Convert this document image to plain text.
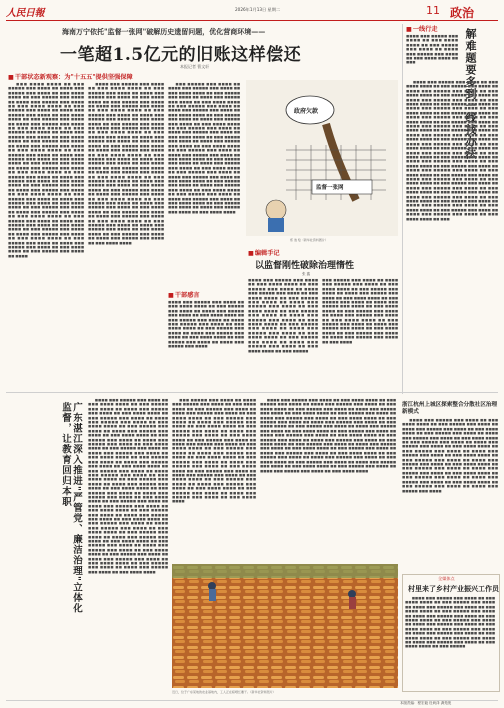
人民日報	2026年1月13日 星期二	11 政治
海南万宁依托"监督一张网"破解历史遗留问题，优化营商环境——
一笔超1.5亿元的旧账这样偿还
本报记者 曹文轩
■ 干部状态新观察：为"十五五"提供坚强保障
　　■■■ ■■■■ ■■■■ ■■ ■■■ ■■■■■ ■■■ ■■■■ ■■ ■■■■ ■■■ ■■■■■ ■■■ ■■■■ ■■ ■■■ ■■■■ ■■■■ ■■ ■■■ ■■■■■ ■■■ ■■■■ ■■ ■■■■ ■■■ ■■■■■ ■■■ ■■■■ ■■ ■■■ ■■■■ ■■■■ ■■ ■■■ ■■■■■ ■■■ ■■■■ ■■ ■■■■ ■■■ ■■■■■ ■■■ ■■■■ ■■ ■■■ ■■■■ ■■■■ ■■ ■■■ ■■■■■ ■■■ ■■■■ ■■ ■■■■ ■■■ ■■■■■ ■■■ ■■■■ ■■ ■■■ ■■■■ ■■■■ ■■ ■■■ ■■■■■ ■■■ ■■■■ ■■ ■■■■ ■■■ ■■■■■ ■■■ ■■■■ ■■ ■■■ ■■■■ ■■■■ ■■ ■■■ ■■■■■ ■■■ ■■■■ ■■ ■■■■ ■■■ ■■■■■ ■■■ ■■■■ ■■ ■■■ ■■■■ ■■■■ ■■ ■■■ ■■■■■ ■■■ ■■■■ ■■ ■■■■ ■■■ ■■■■■ ■■■ ■■■■ ■■ ■■■ ■■■■ ■■■■ ■■ ■■■ ■■■■■ ■■■ ■■■■ ■■ ■■■■ ■■■ ■■■■■ ■■■ ■■■■ ■■ ■■■ ■■■■ ■■■■ ■■ ■■■ ■■■■■ ■■■ ■■■■ ■■ ■■■■ ■■■ ■■■■■ ■■■ ■■■■ ■■ ■■■ ■■■■ ■■■■ ■■ ■■■ ■■■■■ ■■■ ■■■■ ■■ ■■■■ ■■■ ■■■■■ ■■■ ■■■■ ■■ ■■■ ■■■■ ■■■■ ■■ ■■■ ■■■■■ ■■■ ■■■■ ■■ ■■■■ ■■■ ■■■■■ ■■■ ■■■■ ■■ ■■■ ■■■■ ■■■■ ■■ ■■■ ■■■■■ ■■■ ■■■■ ■■ ■■■■ ■■■ ■■■■■ ■■■ ■■■■ ■■ ■■■ ■■■■ ■■■■ ■■ ■■■ ■■■■■ ■■■ ■■■■ ■■ ■■■■ ■■■ ■■■■■ ■■■ ■■■■ ■■ ■■■ ■■■■ ■■■■ ■■ ■■■ ■■■■■ ■■■ ■■■■ ■■ ■■■■ ■■■ ■■■■■ ■■■ ■■■■ ■■ ■■■ ■■■■ ■■■■ ■■ ■■■ ■■■■■ ■■■ ■■■■ ■■ ■■■■ ■■■ ■■■■■ ■■■ ■■■■ ■■ ■■■ ■■■■ ■■■■ ■■ ■■■ ■■■■■ ■■■ ■■■■ ■■ ■■■■
　　■■■■ ■■■ ■■■■■ ■■■ ■■■■ ■■ ■■■ ■■■■ ■■■■ ■■ ■■■ ■■■■■ ■■■ ■■■■ ■■ ■■■■ ■■■ ■■■■■ ■■■ ■■■■ ■■ ■■■ ■■■■ ■■■■ ■■ ■■■ ■■■■■ ■■■ ■■■■ ■■ ■■■■ ■■■ ■■■■■ ■■■ ■■■■ ■■ ■■■ ■■■■ ■■■■ ■■ ■■■ ■■■■■ ■■■ ■■■■ ■■ ■■■■ ■■■ ■■■■■ ■■■ ■■■■ ■■ ■■■ ■■■■ ■■■■ ■■ ■■■ ■■■■■ ■■■ ■■■■ ■■ ■■■■ ■■■ ■■■■■ ■■■ ■■■■ ■■ ■■■ ■■■■ ■■■■ ■■ ■■■ ■■■■■ ■■■ ■■■■ ■■ ■■■■ ■■■ ■■■■■ ■■■ ■■■■ ■■ ■■■ ■■■■ ■■■■ ■■ ■■■ ■■■■■ ■■■ ■■■■ ■■ ■■■■ ■■■ ■■■■■ ■■■ ■■■■ ■■ ■■■ ■■■■ ■■■■ ■■ ■■■ ■■■■■ ■■■ ■■■■ ■■ ■■■■ ■■■ ■■■■■ ■■■ ■■■■ ■■ ■■■ ■■■■ ■■■■ ■■ ■■■ ■■■■■ ■■■ ■■■■ ■■ ■■■■ ■■■ ■■■■■ ■■■ ■■■■ ■■ ■■■ ■■■■ ■■■■ ■■ ■■■ ■■■■■ ■■■ ■■■■ ■■ ■■■■ ■■■ ■■■■■ ■■■ ■■■■ ■■ ■■■ ■■■■ ■■■■ ■■ ■■■ ■■■■■ ■■■ ■■■■ ■■ ■■■■ ■■■ ■■■■■ ■■■ ■■■■ ■■ ■■■ ■■■■ ■■■■ ■■ ■■■ ■■■■■ ■■■ ■■■■ ■■ ■■■■ ■■■ ■■■■■ ■■■ ■■■■ ■■ ■■■ ■■■■ ■■■■ ■■ ■■■ ■■■■■ ■■■ ■■■■ ■■ ■■■■ ■■■ ■■■■■ ■■■ ■■■■ ■■ ■■■ ■■■■ ■■■■ ■■ ■■■ ■■■■■ ■■■ ■■■■ ■■ ■■■■ ■■■ ■■■■■ ■■■ ■■■■ ■■ ■■■ ■■■■ ■■■■ ■■ ■■■ ■■■■■ ■■■ ■■■■ ■■ ■■■■ ■■■ ■■■■■ ■■■ ■■■■ ■■ ■■■ ■■■■ ■■■■
　　■■■ ■■■■■ ■■■ ■■■■ ■■ ■■■■ ■■■ ■■■■■ ■■■ ■■■■ ■■ ■■■ ■■■■ ■■■■ ■■ ■■■ ■■■■■ ■■■ ■■■■ ■■ ■■■■ ■■■ ■■■■■ ■■■ ■■■■ ■■ ■■■ ■■■■ ■■■■ ■■ ■■■ ■■■■■ ■■■ ■■■■ ■■ ■■■■ ■■■ ■■■■■ ■■■ ■■■■ ■■ ■■■ ■■■■ ■■■■ ■■ ■■■ ■■■■■ ■■■ ■■■■ ■■ ■■■■ ■■■ ■■■■■ ■■■ ■■■■ ■■ ■■■ ■■■■ ■■■■ ■■ ■■■ ■■■■■ ■■■ ■■■■ ■■ ■■■■ ■■■ ■■■■■ ■■■ ■■■■ ■■ ■■■ ■■■■ ■■■■ ■■ ■■■ ■■■■■ ■■■ ■■■■ ■■ ■■■■ ■■■ ■■■■■ ■■■ ■■■■ ■■ ■■■ ■■■■ ■■■■ ■■ ■■■ ■■■■■ ■■■ ■■■■ ■■ ■■■■ ■■■ ■■■■■ ■■■ ■■■■ ■■ ■■■ ■■■■ ■■■■ ■■ ■■■ ■■■■■ ■■■ ■■■■ ■■ ■■■■ ■■■ ■■■■■ ■■■ ■■■■ ■■ ■■■ ■■■■ ■■■■ ■■ ■■■ ■■■■■ ■■■ ■■■■ ■■ ■■■■ ■■■ ■■■■■ ■■■ ■■■■ ■■ ■■■ ■■■■ ■■■■ ■■ ■■■ ■■■■■ ■■■ ■■■■ ■■ ■■■■ ■■■ ■■■■■ ■■■ ■■■■ ■■ ■■■ ■■■■ ■■■■ ■■ ■■■ ■■■■■ ■■■ ■■■■ ■■ ■■■■ ■■■ ■■■■■ ■■■ ■■■■ ■■ ■■■ ■■■■ ■■■■ ■■ ■■■ ■■■■■ ■■■ ■■■■ ■■ ■■■■ ■■■ ■■■■■ ■■■ ■■■■ ■■ ■■■ ■■■■ ■■■■
政府欠款
监督一张网
郑 逸 绘（新华社资料图片）
■ 编辑手记
以监督刚性破除治理惰性
张 鑫
■■■■ ■■■ ■■■■■ ■■■ ■■■■ ■■ ■■■ ■■■■ ■■■■ ■■ ■■■ ■■■■■ ■■■ ■■■■ ■■ ■■■■ ■■■ ■■■■■ ■■■ ■■■■ ■■ ■■■ ■■■■ ■■■■ ■■ ■■■ ■■■■■ ■■■ ■■■■ ■■ ■■■■ ■■■ ■■■■■ ■■■ ■■■■ ■■ ■■■ ■■■■ ■■■■ ■■ ■■■ ■■■■■ ■■■ ■■■■ ■■ ■■■■ ■■■ ■■■■■ ■■■ ■■■■ ■■ ■■■ ■■■■ ■■■■ ■■ ■■■ ■■■■■ ■■■ ■■■■ ■■ ■■■■ ■■■ ■■■■■ ■■■ ■■■■ ■■ ■■■ ■■■■ ■■■■ ■■ ■■■ ■■■■■ ■■■ ■■■■ ■■ ■■■■ ■■■ ■■■■■ ■■■ ■■■■ ■■ ■■■ ■■■■ ■■■■ ■■ ■■■ ■■■■■
■■■ ■■■■■ ■■■ ■■■■ ■■ ■■■■ ■■■ ■■■■■ ■■■ ■■■■ ■■ ■■■ ■■■■ ■■■■ ■■ ■■■ ■■■■■ ■■■ ■■■■ ■■ ■■■■ ■■■ ■■■■■ ■■■ ■■■■ ■■ ■■■ ■■■■ ■■■■ ■■ ■■■ ■■■■■ ■■■ ■■■■ ■■ ■■■■ ■■■ ■■■■■ ■■■ ■■■■ ■■ ■■■ ■■■■ ■■■■ ■■ ■■■ ■■■■■ ■■■ ■■■■ ■■ ■■■■ ■■■ ■■■■■ ■■■ ■■■■ ■■ ■■■ ■■■■ ■■■■ ■■ ■■■ ■■■■■ ■■■ ■■■■ ■■ ■■■■ ■■■ ■■■■■ ■■■ ■■■■ ■■ ■■■ ■■■■ ■■■■ ■■ ■■■ ■■■■■ ■■■ ■■■■ ■■ ■■■■ ■■■ ■■■■■ ■■■ ■■■■ ■■ ■■■ ■■■■
■ 干部感言
■■■■ ■■■ ■■■■■ ■■■ ■■■■ ■■ ■■■ ■■■■ ■■■■ ■■ ■■■ ■■■■■ ■■■ ■■■■ ■■ ■■■■ ■■■ ■■■■■ ■■■ ■■■■ ■■ ■■■ ■■■■ ■■■■ ■■ ■■■ ■■■■■ ■■■ ■■■■ ■■ ■■■■ ■■■ ■■■■■ ■■■ ■■■■ ■■ ■■■ ■■■■ ■■■■ ■■ ■■■ ■■■■■ ■■■ ■■■■ ■■ ■■■■ ■■■ ■■■■■ ■■■ ■■■■ ■■ ■■■ ■■■■ ■■■■ ■■ ■■■ ■■■■■ ■■■ ■■■■ ■■ ■■■■ ■■■ ■■■■■ ■■■ ■■■■
■ 一线行走
■■■■ ■■■ ■■■■■ ■■■ ■■■■ ■■ ■■■ ■■■■ ■■■■ ■■ ■■■ ■■■■■ ■■■ ■■■■ ■■ ■■■■ ■■■ ■■■■■ ■■■ ■■■■ ■■ ■■■ ■■■■ ■■■■ ■■ ■■■	解难题要多到一线找办法
　　■■■■ ■■■ ■■■■■ ■■■ ■■■■ ■■ ■■■ ■■■■ ■■■■ ■■ ■■■ ■■■■■ ■■■ ■■■■ ■■ ■■■■ ■■■ ■■■■■ ■■■ ■■■■ ■■ ■■■ ■■■■ ■■■■ ■■ ■■■ ■■■■■ ■■■ ■■■■ ■■ ■■■■ ■■■ ■■■■■ ■■■ ■■■■ ■■ ■■■ ■■■■ ■■■■ ■■ ■■■ ■■■■■ ■■■ ■■■■ ■■ ■■■■ ■■■ ■■■■■ ■■■ ■■■■ ■■ ■■■ ■■■■ ■■■■ ■■ ■■■ ■■■■■ ■■■ ■■■■ ■■ ■■■■ ■■■ ■■■■■ ■■■ ■■■■ ■■ ■■■ ■■■■ ■■■■ ■■ ■■■ ■■■■■ ■■■ ■■■■ ■■ ■■■■ ■■■ ■■■■■ ■■■ ■■■■ ■■ ■■■ ■■■■ ■■■■ ■■ ■■■ ■■■■■ ■■■ ■■■■ ■■ ■■■■ ■■■ ■■■■■ ■■■ ■■■■ ■■ ■■■ ■■■■ ■■■■ ■■ ■■■ ■■■■■ ■■■ ■■■■ ■■ ■■■■ ■■■ ■■■■■ ■■■ ■■■■ ■■ ■■■ ■■■■ ■■■■ ■■ ■■■ ■■■■■ ■■■ ■■■■ ■■ ■■■■ ■■■ ■■■■■ ■■■ ■■■■ ■■ ■■■ ■■■■ ■■■■ ■■ ■■■ ■■■■■ ■■■ ■■■■ ■■ ■■■■ ■■■ ■■■■■ ■■■ ■■■■ ■■ ■■■ ■■■■ ■■■■ ■■ ■■■ ■■■■■ ■■■ ■■■■ ■■ ■■■■ ■■■ ■■■■■ ■■■ ■■■■ ■■ ■■■ ■■■■ ■■■■ ■■ ■■■ ■■■■■ ■■■ ■■■■ ■■ ■■■■ ■■■ ■■■■■ ■■■ ■■■■ ■■ ■■■ ■■■■ ■■■■ ■■ ■■■ ■■■■■ ■■■ ■■■■ ■■ ■■■■ ■■■ ■■■■■ ■■■ ■■■■ ■■ ■■■ ■■■■ ■■■■ ■■ ■■■ ■■■■■ ■■■ ■■■■ ■■ ■■■■ ■■■ ■■■■■ ■■■ ■■■■ ■■ ■■■ ■■■■ ■■■■ ■■ ■■■ ■■■■■ ■■■ ■■■■ ■■ ■■■■ ■■■ ■■■■■ ■■■ ■■■■ ■■ ■■■ ■■■■ ■■■■ ■■ ■■■ ■■■■■ ■■■ ■■■■ ■■ ■■■■ ■■■ ■■■■■ ■■■ ■■■■ ■■ ■■■ ■■■■ ■■■■ ■■ ■■■
浙江杭州上城区探索整合分散社区治理新模式
　　■■■■ ■■■ ■■■■■ ■■■ ■■■■ ■■ ■■■ ■■■■ ■■■■ ■■ ■■■ ■■■■■ ■■■ ■■■■ ■■ ■■■■ ■■■ ■■■■■ ■■■ ■■■■ ■■ ■■■ ■■■■ ■■■■ ■■ ■■■ ■■■■■ ■■■ ■■■■ ■■ ■■■■ ■■■ ■■■■■ ■■■ ■■■■ ■■ ■■■ ■■■■ ■■■■ ■■ ■■■ ■■■■■ ■■■ ■■■■ ■■ ■■■■ ■■■ ■■■■■ ■■■ ■■■■ ■■ ■■■ ■■■■ ■■■■ ■■ ■■■ ■■■■■ ■■■ ■■■■ ■■ ■■■■ ■■■ ■■■■■ ■■■ ■■■■ ■■ ■■■ ■■■■ ■■■■ ■■ ■■■ ■■■■■ ■■■ ■■■■ ■■ ■■■■ ■■■ ■■■■■ ■■■ ■■■■ ■■ ■■■ ■■■■ ■■■■ ■■ ■■■ ■■■■■ ■■■ ■■■■ ■■ ■■■■ ■■■ ■■■■■ ■■■ ■■■■ ■■ ■■■ ■■■■ ■■■■ ■■ ■■■ ■■■■■ ■■■ ■■■■ ■■ ■■■■ ■■■ ■■■■■ ■■■ ■■■■ ■■ ■■■ ■■■■ ■■■■ ■■ ■■■ ■■■■■ ■■■ ■■■■ ■■ ■■■■ ■■■ ■■■■■ ■■■ ■■■■
广东湛江深入推进"严管党、廉洁治理"立体化监督，让教育回归本职
　　■■■■ ■■■ ■■■■■ ■■■ ■■■■ ■■ ■■■ ■■■■ ■■■■ ■■ ■■■ ■■■■■ ■■■ ■■■■ ■■ ■■■■ ■■■ ■■■■■ ■■■ ■■■■ ■■ ■■■ ■■■■ ■■■■ ■■ ■■■ ■■■■■ ■■■ ■■■■ ■■ ■■■■ ■■■ ■■■■■ ■■■ ■■■■ ■■ ■■■ ■■■■ ■■■■ ■■ ■■■ ■■■■■ ■■■ ■■■■ ■■ ■■■■ ■■■ ■■■■■ ■■■ ■■■■ ■■ ■■■ ■■■■ ■■■■ ■■ ■■■ ■■■■■ ■■■ ■■■■ ■■ ■■■■ ■■■ ■■■■■ ■■■ ■■■■ ■■ ■■■ ■■■■ ■■■■ ■■ ■■■ ■■■■■ ■■■ ■■■■ ■■ ■■■■ ■■■ ■■■■■ ■■■ ■■■■ ■■ ■■■ ■■■■ ■■■■ ■■ ■■■ ■■■■■ ■■■ ■■■■ ■■ ■■■■ ■■■ ■■■■■ ■■■ ■■■■ ■■ ■■■ ■■■■ ■■■■ ■■ ■■■ ■■■■■ ■■■ ■■■■ ■■ ■■■■ ■■■ ■■■■■ ■■■ ■■■■ ■■ ■■■ ■■■■ ■■■■ ■■ ■■■ ■■■■■ ■■■ ■■■■ ■■ ■■■■ ■■■ ■■■■■ ■■■ ■■■■ ■■ ■■■ ■■■■ ■■■■ ■■ ■■■ ■■■■■ ■■■ ■■■■ ■■ ■■■■ ■■■ ■■■■■ ■■■ ■■■■ ■■ ■■■ ■■■■ ■■■■ ■■ ■■■ ■■■■■ ■■■ ■■■■ ■■ ■■■■ ■■■ ■■■■■ ■■■ ■■■■ ■■ ■■■ ■■■■ ■■■■ ■■ ■■■ ■■■■■ ■■■ ■■■■ ■■ ■■■■ ■■■ ■■■■■ ■■■ ■■■■ ■■ ■■■ ■■■■ ■■■■ ■■ ■■■ ■■■■■ ■■■ ■■■■ ■■ ■■■■ ■■■ ■■■■■ ■■■ ■■■■ ■■ ■■■ ■■■■ ■■■■ ■■ ■■■ ■■■■■ ■■■ ■■■■ ■■ ■■■■ ■■■ ■■■■■ ■■■ ■■■■ ■■ ■■■ ■■■■ ■■■■ ■■ ■■■ ■■■■■ ■■■ ■■■■ ■■ ■■■■ ■■■ ■■■■■ ■■■ ■■■■ ■■ ■■■ ■■■■ ■■■■ ■■ ■■■ ■■■■■ ■■■ ■■■■ ■■ ■■■■ ■■■ ■■■■■ ■■■ ■■■■ ■■ ■■■ ■■■■ ■■■■ ■■ ■■■ ■■■■■ ■■■ ■■■■ ■■ ■■■■ ■■■ ■■■■■ ■■■ ■■■■ ■■ ■■■ ■■■■ ■■■■
　　■■■ ■■■■■ ■■■ ■■■■ ■■ ■■■■ ■■■ ■■■■■ ■■■ ■■■■ ■■ ■■■ ■■■■ ■■■■ ■■ ■■■ ■■■■■ ■■■ ■■■■ ■■ ■■■■ ■■■ ■■■■■ ■■■ ■■■■ ■■ ■■■ ■■■■ ■■■■ ■■ ■■■ ■■■■■ ■■■ ■■■■ ■■ ■■■■ ■■■ ■■■■■ ■■■ ■■■■ ■■ ■■■ ■■■■ ■■■■ ■■ ■■■ ■■■■■ ■■■ ■■■■ ■■ ■■■■ ■■■ ■■■■■ ■■■ ■■■■ ■■ ■■■ ■■■■ ■■■■ ■■ ■■■ ■■■■■ ■■■ ■■■■ ■■ ■■■■ ■■■ ■■■■■ ■■■ ■■■■ ■■ ■■■ ■■■■ ■■■■ ■■ ■■■ ■■■■■ ■■■ ■■■■ ■■ ■■■■ ■■■ ■■■■■ ■■■ ■■■■ ■■ ■■■ ■■■■ ■■■■ ■■ ■■■ ■■■■■ ■■■ ■■■■ ■■ ■■■■ ■■■ ■■■■■ ■■■ ■■■■ ■■ ■■■ ■■■■ ■■■■ ■■ ■■■ ■■■■■ ■■■ ■■■■ ■■ ■■■■ ■■■ ■■■■■ ■■■ ■■■■ ■■ ■■■ ■■■■ ■■■■ ■■ ■■■ ■■■■■ ■■■ ■■■■ ■■ ■■■■ ■■■ ■■■■■ ■■■ ■■■■ ■■ ■■■ ■■■■ ■■■■ ■■ ■■■ ■■■■■ ■■■ ■■■■ ■■ ■■■■ ■■■ ■■■■■ ■■■ ■■■■ ■■ ■■■ ■■■■ ■■■■
　　■■■■ ■■■ ■■■■■ ■■■ ■■■■ ■■ ■■■ ■■■■ ■■■■ ■■ ■■■ ■■■■■ ■■■ ■■■■ ■■ ■■■■ ■■■ ■■■■■ ■■■ ■■■■ ■■ ■■■ ■■■■ ■■■■ ■■ ■■■ ■■■■■ ■■■ ■■■■ ■■ ■■■■ ■■■ ■■■■■ ■■■ ■■■■ ■■ ■■■ ■■■■ ■■■■ ■■ ■■■ ■■■■■ ■■■ ■■■■ ■■ ■■■■ ■■■ ■■■■■ ■■■ ■■■■ ■■ ■■■ ■■■■ ■■■■ ■■ ■■■ ■■■■■ ■■■ ■■■■ ■■ ■■■■ ■■■ ■■■■■ ■■■ ■■■■ ■■ ■■■ ■■■■ ■■■■ ■■ ■■■ ■■■■■ ■■■ ■■■■ ■■ ■■■■ ■■■ ■■■■■ ■■■ ■■■■ ■■ ■■■ ■■■■ ■■■■ ■■ ■■■ ■■■■■ ■■■ ■■■■ ■■ ■■■■ ■■■ ■■■■■ ■■■ ■■■■ ■■ ■■■ ■■■■ ■■■■ ■■ ■■■ ■■■■■ ■■■ ■■■■ ■■ ■■■■ ■■■ ■■■■■ ■■■ ■■■■ ■■ ■■■ ■■■■ ■■■■ ■■ ■■■ ■■■■■ ■■■ ■■■■ ■■ ■■■■ ■■■ ■■■■■ ■■■ ■■■■ ■■ ■■■ ■■■■ ■■■■ ■■ ■■■ ■■■■■ ■■■ ■■■■ ■■ ■■■■ ■■■ ■■■■■ ■■■ ■■■■ ■■ ■■■ ■■■■ ■■■■ ■■ ■■■ ■■■■■ ■■■ ■■■■ ■■ ■■■■ ■■■ ■■■■■ ■■■ ■■■■ ■■ ■■■ ■■■■ ■■■■ ■■ ■■■ ■■■■■ ■■■ ■■■■ ■■ ■■■■ ■■■ ■■■■■ ■■■ ■■■■ ■■ ■■■ ■■■■ ■■■■ ■■ ■■■ ■■■■■ ■■■ ■■■■ ■■ ■■■■ ■■■ ■■■■■ ■■■ ■■■■ ■■ ■■■ ■■■■ ■■■■
近日，位于广东某地的农业基地内，工人正在晾晒红薯干。（新华社资料图片）
全媒体点
村里来了乡村产业振兴工作员
　　■■■■ ■■■ ■■■■■ ■■■ ■■■■ ■■ ■■■ ■■■■ ■■■■ ■■ ■■■ ■■■■■ ■■■ ■■■■ ■■ ■■■■ ■■■ ■■■■■ ■■■ ■■■■ ■■ ■■■ ■■■■ ■■■■ ■■ ■■■ ■■■■■ ■■■ ■■■■ ■■ ■■■■ ■■■ ■■■■■ ■■■ ■■■■ ■■ ■■■ ■■■■ ■■■■ ■■ ■■■ ■■■■■ ■■■ ■■■■ ■■ ■■■■ ■■■ ■■■■■ ■■■ ■■■■ ■■ ■■■ ■■■■ ■■■■ ■■ ■■■ ■■■■■ ■■■ ■■■■ ■■ ■■■■ ■■■ ■■■■■ ■■■ ■■■■ ■■ ■■■ ■■■■ ■■■■ ■■ ■■■ ■■■■■ ■■■ ■■■■ ■■ ■■■■ ■■■ ■■■■■ ■■■ ■■■■ ■■ ■■■ ■■■■ ■■■■ ■■ ■■■ ■■■■■
本版责编：程宏毅 杜尚泽 龚苑苑
